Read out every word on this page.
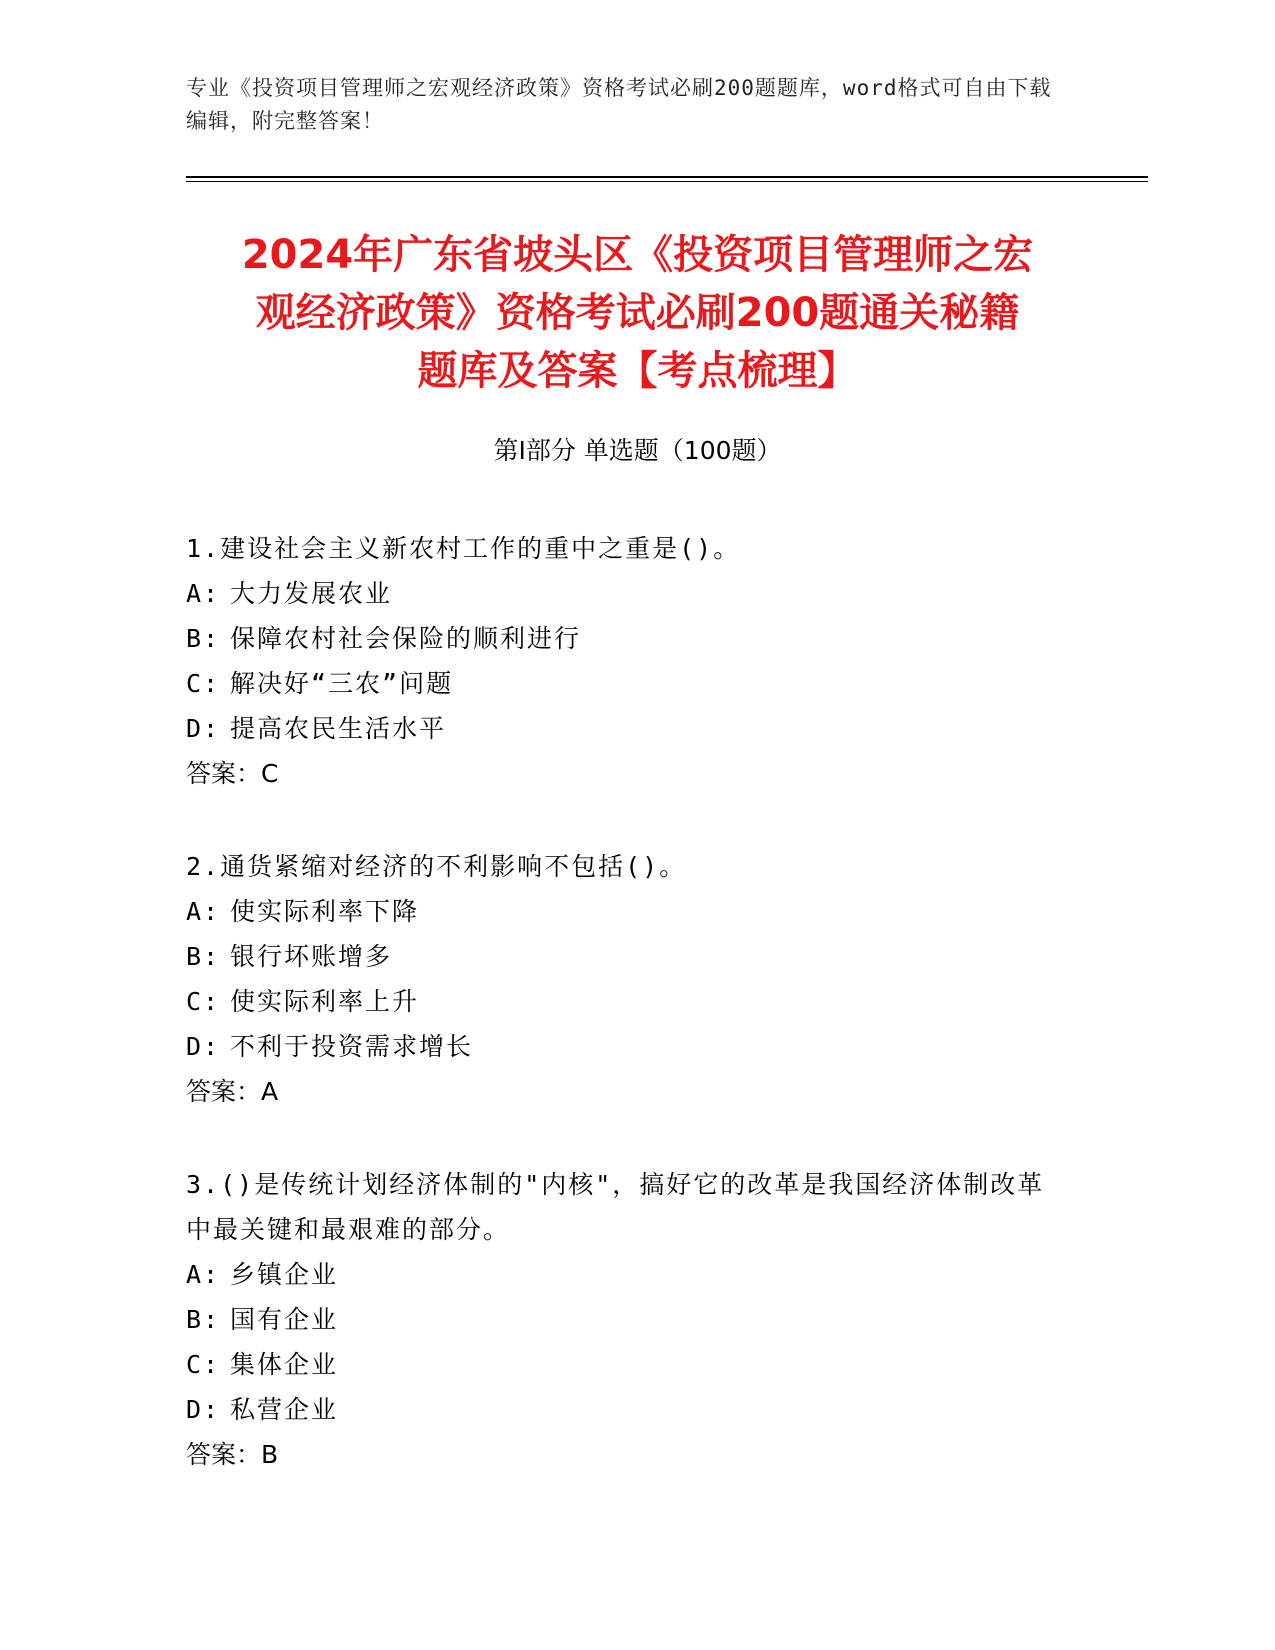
专业《投资项目管理师之宏观经济政策》资格考试必刷200题题库，word格式可自由下载编辑，附完整答案！
2024年广东省坡头区《投资项目管理师之宏
观经济政策》资格考试必刷200题通关秘籍
题库及答案【考点梳理】
第Ⅰ部分 单选题（100题）

1.建设社会主义新农村工作的重中之重是()。

A: 大力发展农业

B: 保障农村社会保险的顺利进行

C: 解决好“三农”问题

D: 提高农民生活水平

答案：C

2.通货紧缩对经济的不利影响不包括()。

A: 使实际利率下降

B: 银行坏账增多

C: 使实际利率上升

D: 不利于投资需求增长

答案：A

3.()是传统计划经济体制的"内核"，搞好它的改革是我国经济体制改革中最关键和最艰难的部分。

A: 乡镇企业

B: 国有企业

C: 集体企业

D: 私营企业

答案：B
